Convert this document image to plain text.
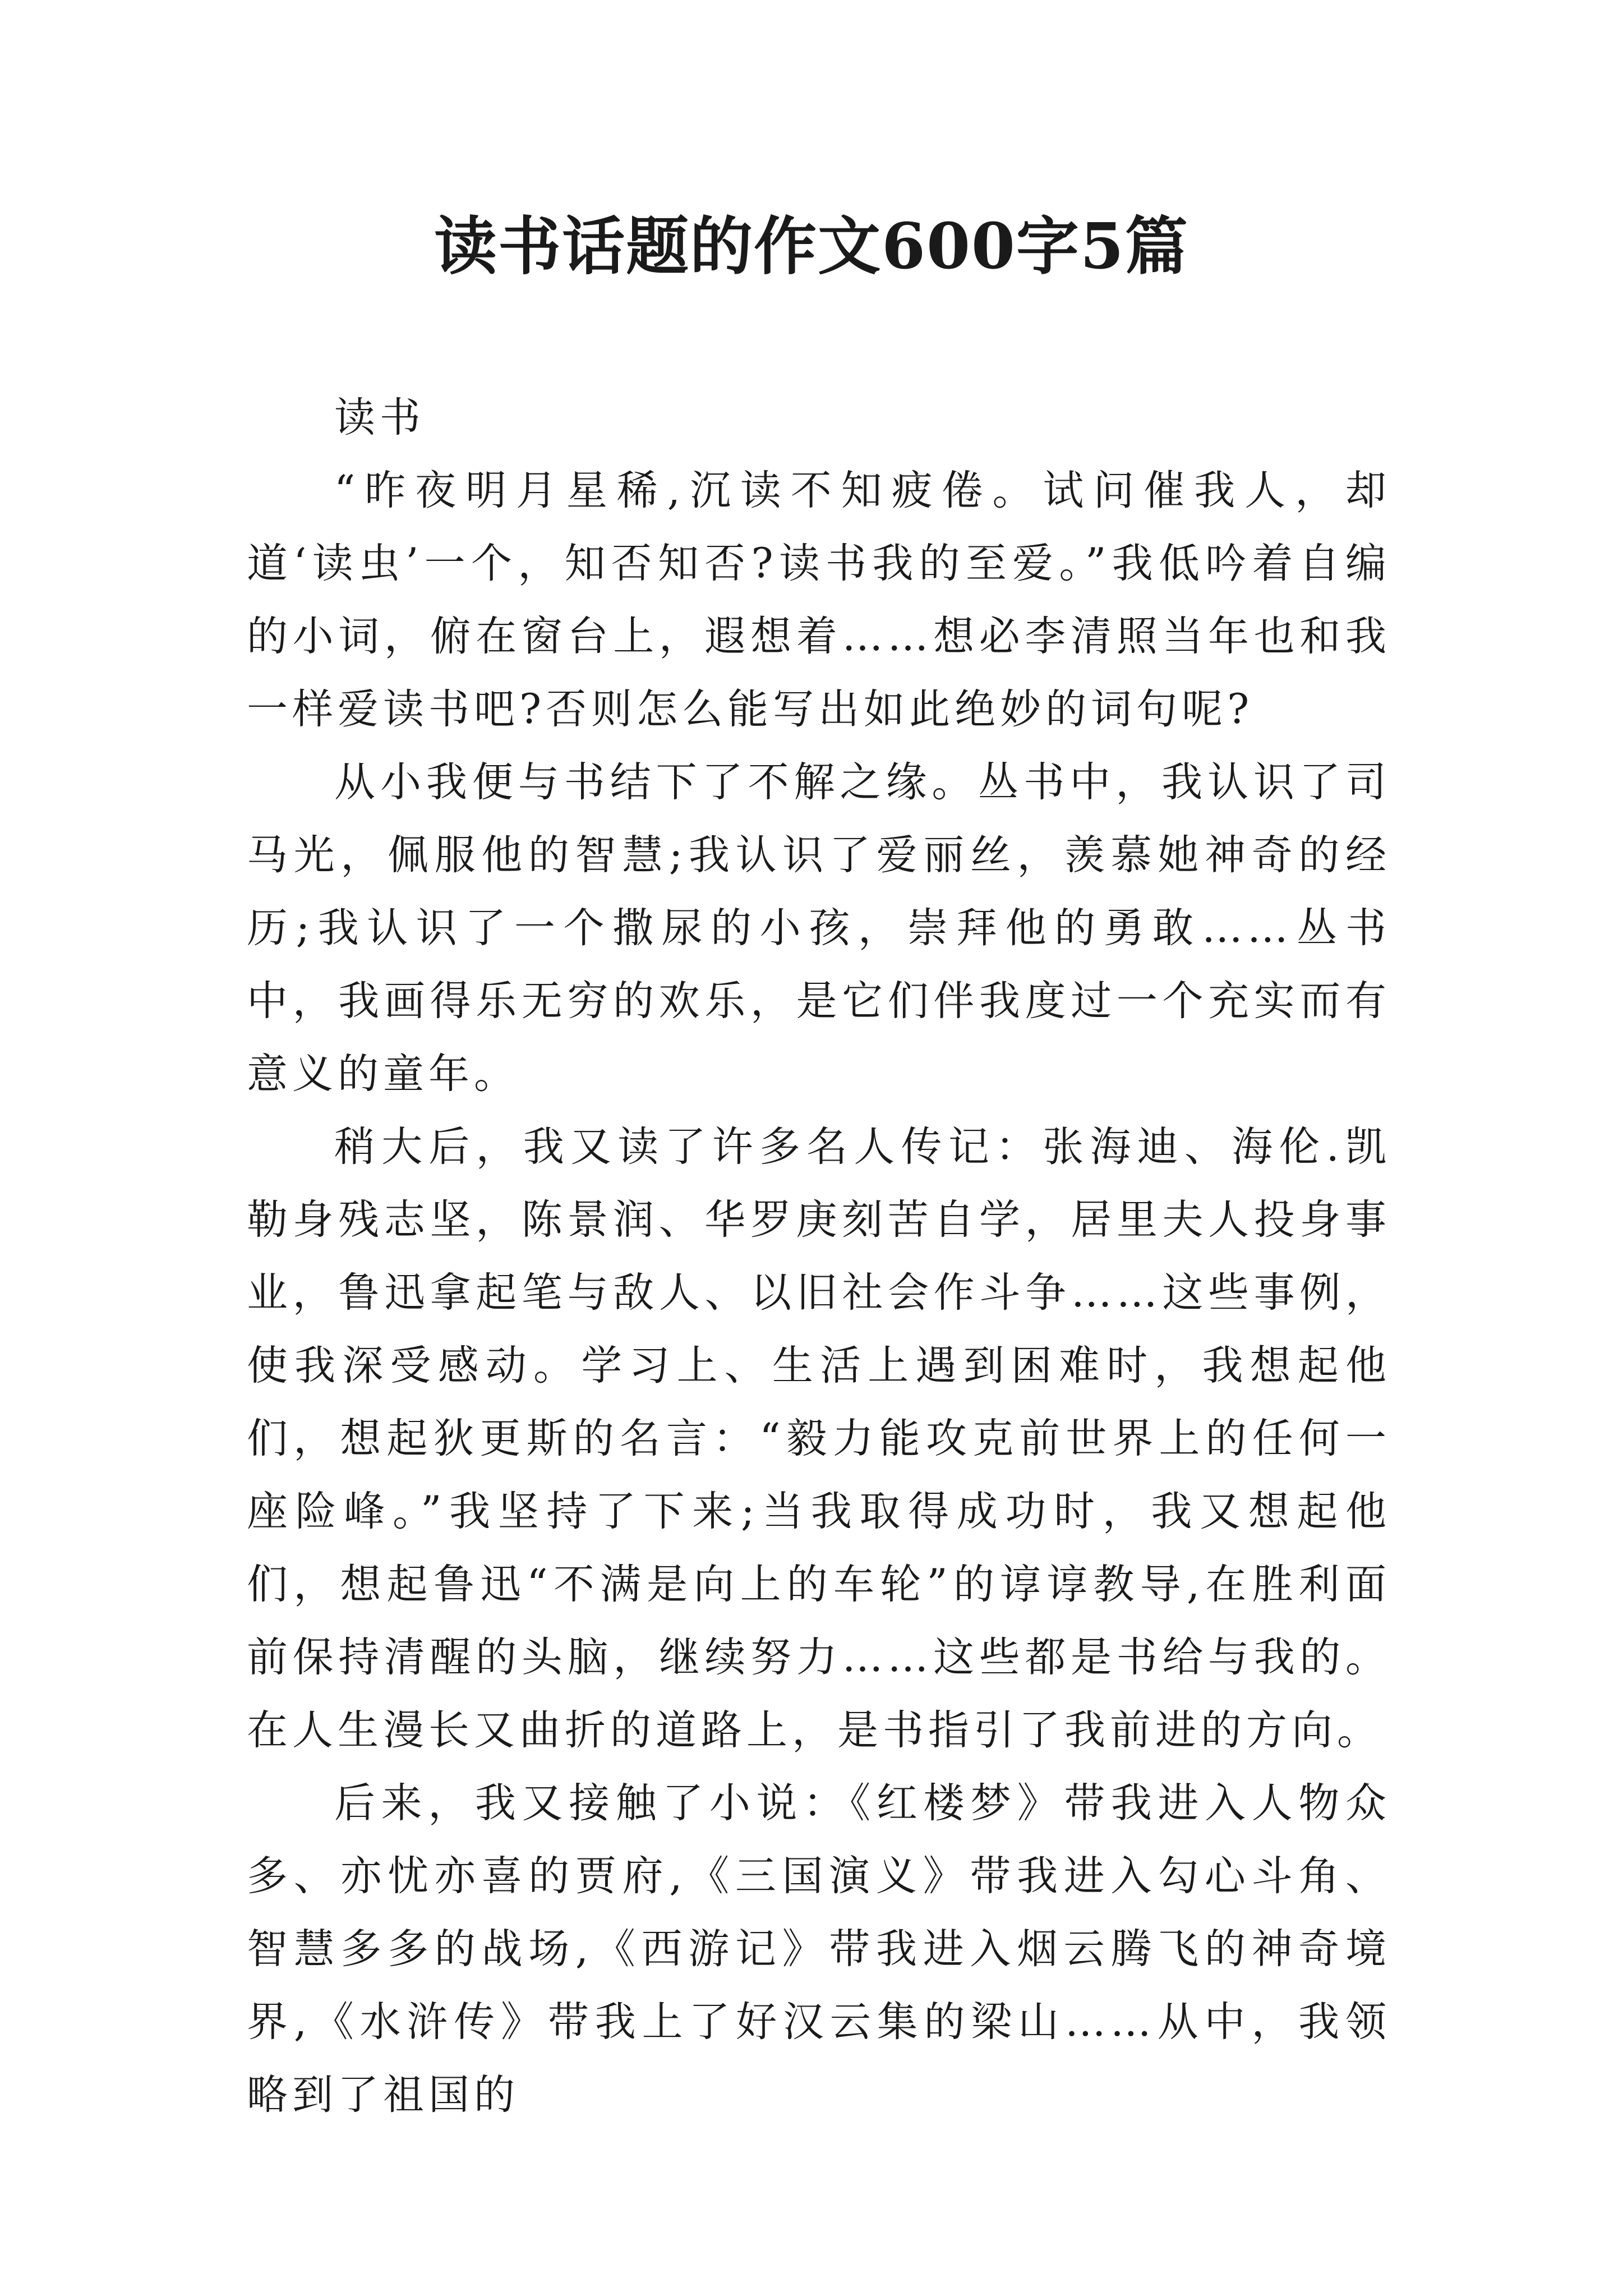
读书话题的作文600字5篇
读书

“昨夜明月星稀,沉读不知疲倦。试问催我人，却道‘读虫’一个，知否知否?读书我的至爱。”我低吟着自编的小词，俯在窗台上，遐想着……想必李清照当年也和我一样爱读书吧?否则怎么能写出如此绝妙的词句呢?

从小我便与书结下了不解之缘。丛书中，我认识了司马光，佩服他的智慧;我认识了爱丽丝，羡慕她神奇的经历;我认识了一个撒尿的小孩，崇拜他的勇敢……丛书中，我画得乐无穷的欢乐，是它们伴我度过一个充实而有意义的童年。

稍大后，我又读了许多名人传记：张海迪、海伦.凯勒身残志坚，陈景润、华罗庚刻苦自学，居里夫人投身事业，鲁迅拿起笔与敌人、以旧社会作斗争……这些事例，使我深受感动。学习上、生活上遇到困难时，我想起他们，想起狄更斯的名言：“毅力能攻克前世界上的任何一座险峰。”我坚持了下来;当我取得成功时，我又想起他们，想起鲁迅“不满是向上的车轮”的谆谆教导,在胜利面前保持清醒的头脑，继续努力……这些都是书给与我的。在人生漫长又曲折的道路上，是书指引了我前进的方向。

后来，我又接触了小说：《红楼梦》带我进入人物众多、亦忧亦喜的贾府,《三国演义》带我进入勾心斗角、智慧多多的战场,《西游记》带我进入烟云腾飞的神奇境界,《水浒传》带我上了好汉云集的梁山……从中，我领略到了祖国的
